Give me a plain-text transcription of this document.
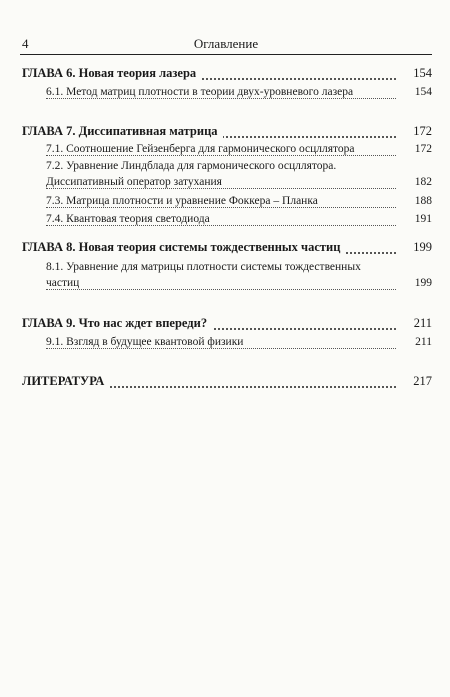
4	Оглавление
ГЛАВА 6. Новая теория лазера	154
6.1. Метод матриц плотности в теории двух-уровневого лазера	154
ГЛАВА 7. Диссипативная матрица	172
7.1. Соотношение Гейзенберга для гармонического осцллятора	172
7.2. Уравнение Линдблада для гармонического осцллятора.
Диссипативный оператор затухания	182
7.3. Матрица плотности и уравнение Фоккера – Планка	188
7.4. Квантовая теория светодиода	191
ГЛАВА 8. Новая теория системы тождественных частиц	199
8.1. Уравнение для матрицы плотности системы тождественных
частиц	199
ГЛАВА 9. Что нас ждет впереди?	211
9.1. Взгляд в будущее квантовой физики	211
ЛИТЕРАТУРА	217
